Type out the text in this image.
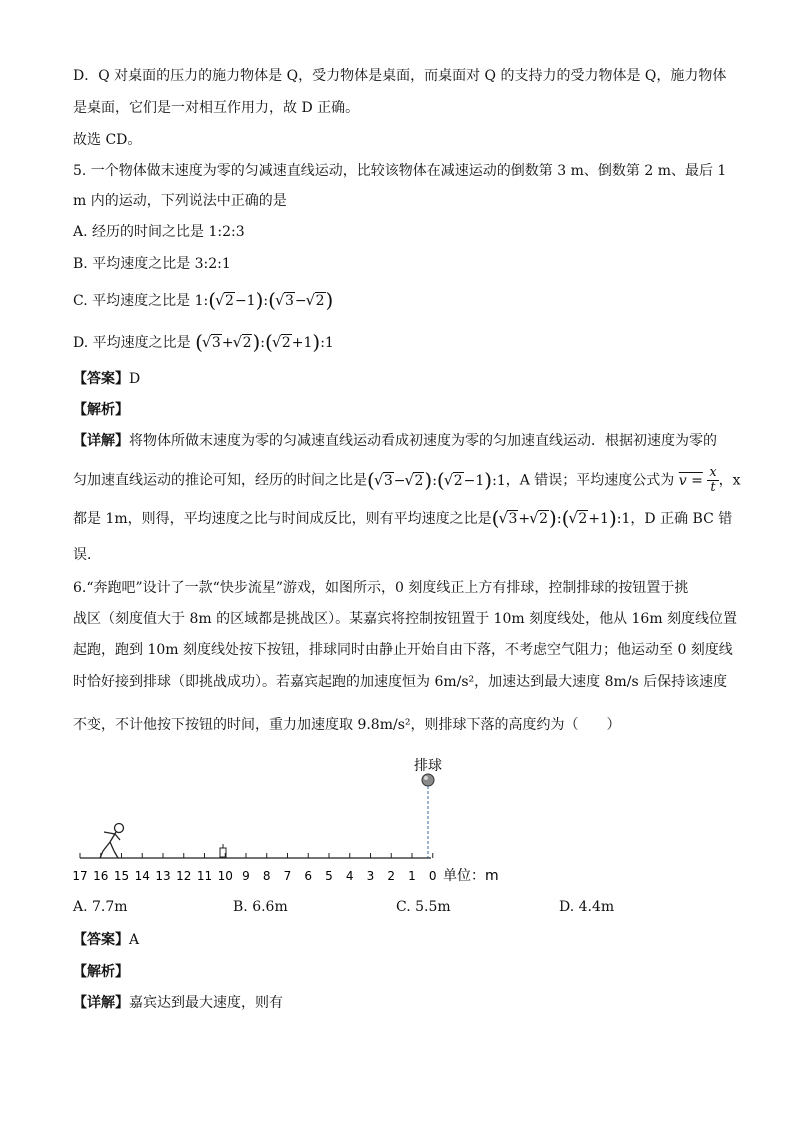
D．Q 对桌面的压力的施力物体是 Q，受力物体是桌面，而桌面对 Q 的支持力的受力物体是 Q，施力物体
是桌面，它们是一对相互作用力，故 D 正确。
故选 CD。
5. 一个物体做末速度为零的匀减速直线运动，比较该物体在减速运动的倒数第 3 m、倒数第 2 m、最后 1
m 内的运动，下列说法中正确的是
A. 经历的时间之比是 1:2:3
B. 平均速度之比是 3:2:1
C. 平均速度之比是 1:( √ 2−1):( √ 3− √ 2)
D. 平均速度之比是 ( √ 3+ √ 2):( √ 2+1):1
【答案】D
【解析】
【详解】将物体所做末速度为零的匀减速直线运动看成初速度为零的匀加速直线运动．根据初速度为零的
匀加速直线运动的推论可知，经历的时间之比是( √ 3− √ 2):( √ 2−1):1，A 错误；平均速度公式为 $v = \frac{x}{t}$ ，x
都是 1m，则得，平均速度之比与时间成反比，则有平均速度之比是( √ 3+ √ 2):( √ 2+1):1，D 正确 BC 错
误．
6.“奔跑吧”设计了一款“快步流星”游戏，如图所示，0 刻度线正上方有排球，控制排球的按钮置于挑
战区（刻度值大于 8m 的区域都是挑战区）。某嘉宾将控制按钮置于 10m 刻度线处，他从 16m 刻度线位置
起跑，跑到 10m 刻度线处按下按钮，排球同时由静止开始自由下落，不考虑空气阻力；他运动至 0 刻度线
时恰好接到排球（即挑战成功）。若嘉宾起跑的加速度恒为 6m/s²，加速达到最大速度 8m/s 后保持该速度
不变，不计他按下按钮的时间，重力加速度取 9.8m/s²，则排球下落的高度约为（　　）
排球
17 16 15 14 13 12 11 10 9 8 7 6 5 4 3 2 1 0 单位：m
A. 7.7m	B. 6.6m	C. 5.5m	D. 4.4m
【答案】A
【解析】
【详解】嘉宾达到最大速度，则有
